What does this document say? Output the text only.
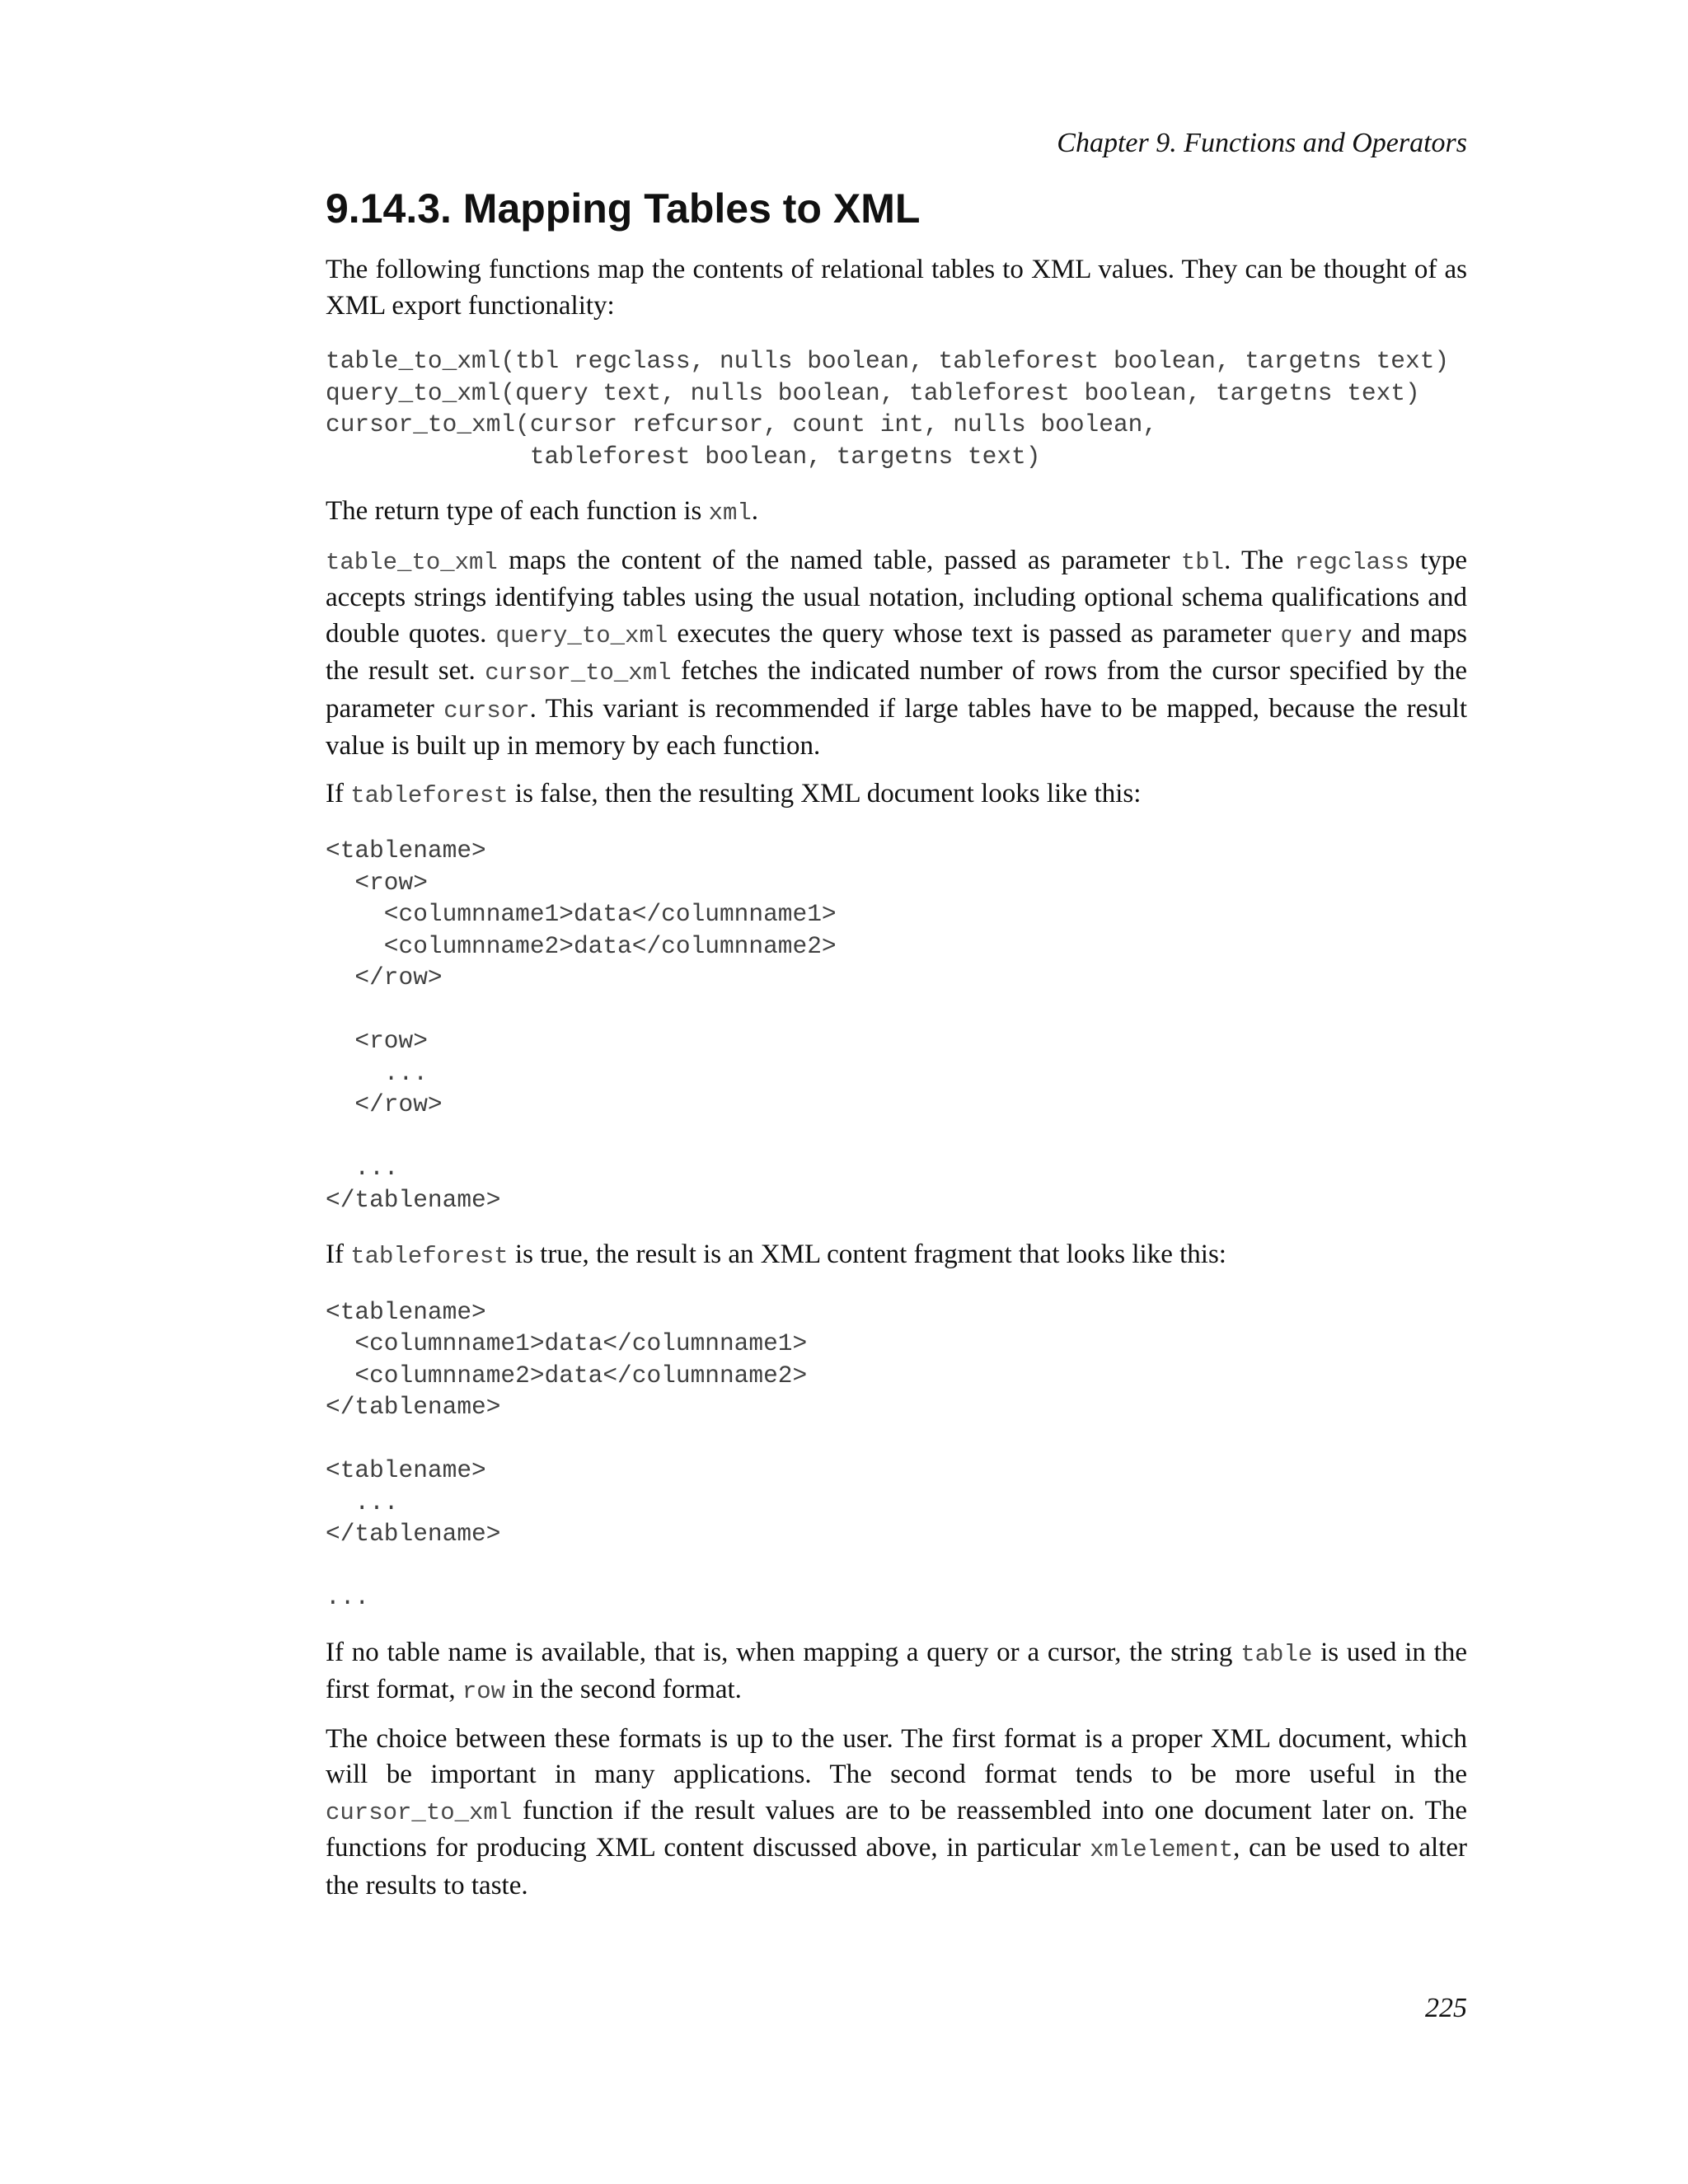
Chapter 9. Functions and Operators

9.14.3. Mapping Tables to XML

The following functions map the contents of relational tables to XML values. They can be thought of as XML export functionality:

table_to_xml(tbl regclass, nulls boolean, tableforest boolean, targetns text)
query_to_xml(query text, nulls boolean, tableforest boolean, targetns text)
cursor_to_xml(cursor refcursor, count int, nulls boolean,
tableforest boolean, targetns text)

The return type of each function is xml.

table_to_xml maps the content of the named table, passed as parameter tbl. The regclass type accepts strings identifying tables using the usual notation, including optional schema qualifications and double quotes. query_to_xml executes the query whose text is passed as parameter query and maps the result set. cursor_to_xml fetches the indicated number of rows from the cursor specified by the parameter cursor. This variant is recommended if large tables have to be mapped, because the result value is built up in memory by each function.

If tableforest is false, then the resulting XML document looks like this:

<tablename>
<row>
<columnname1>data</columnname1>
<columnname2>data</columnname2>
</row>

<row>
...
</row>

...
</tablename>

If tableforest is true, the result is an XML content fragment that looks like this:

<tablename>
<columnname1>data</columnname1>
<columnname2>data</columnname2>
</tablename>

<tablename>
...
</tablename>

...

If no table name is available, that is, when mapping a query or a cursor, the string table is used in the first format, row in the second format.

The choice between these formats is up to the user. The first format is a proper XML document, which will be important in many applications. The second format tends to be more useful in the cursor_to_xml function if the result values are to be reassembled into one document later on. The functions for producing XML content discussed above, in particular xmlelement, can be used to alter the results to taste.

225
